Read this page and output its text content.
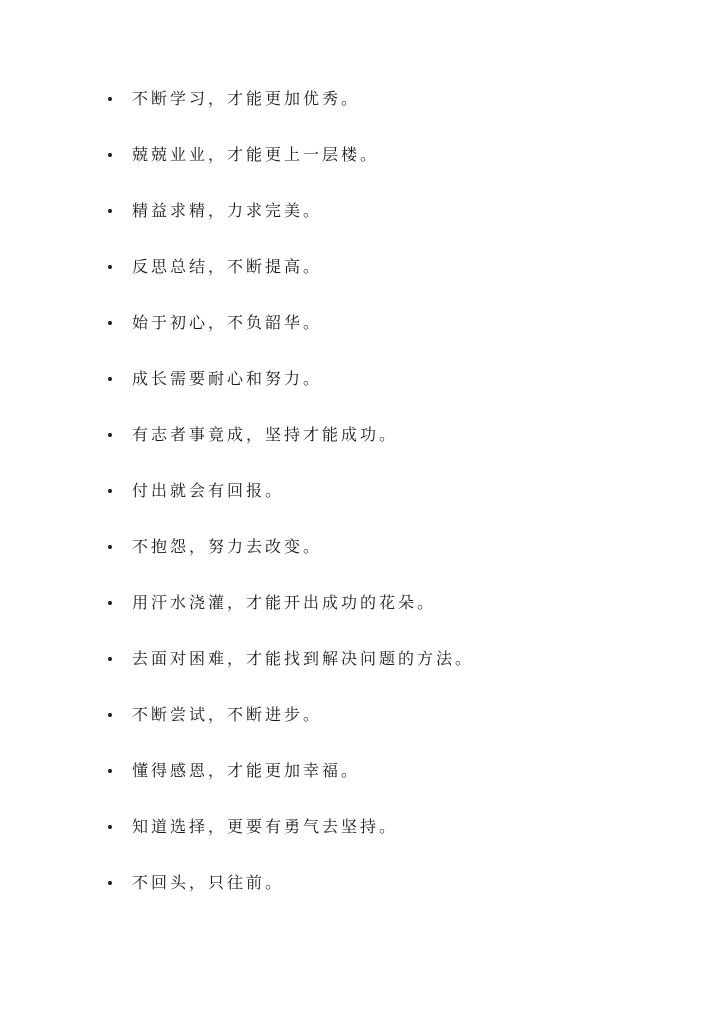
不断学习，才能更加优秀。
兢兢业业，才能更上一层楼。
精益求精，力求完美。
反思总结，不断提高。
始于初心，不负韶华。
成长需要耐心和努力。
有志者事竟成，坚持才能成功。
付出就会有回报。
不抱怨，努力去改变。
用汗水浇灌，才能开出成功的花朵。
去面对困难，才能找到解决问题的方法。
不断尝试，不断进步。
懂得感恩，才能更加幸福。
知道选择，更要有勇气去坚持。
不回头，只往前。
